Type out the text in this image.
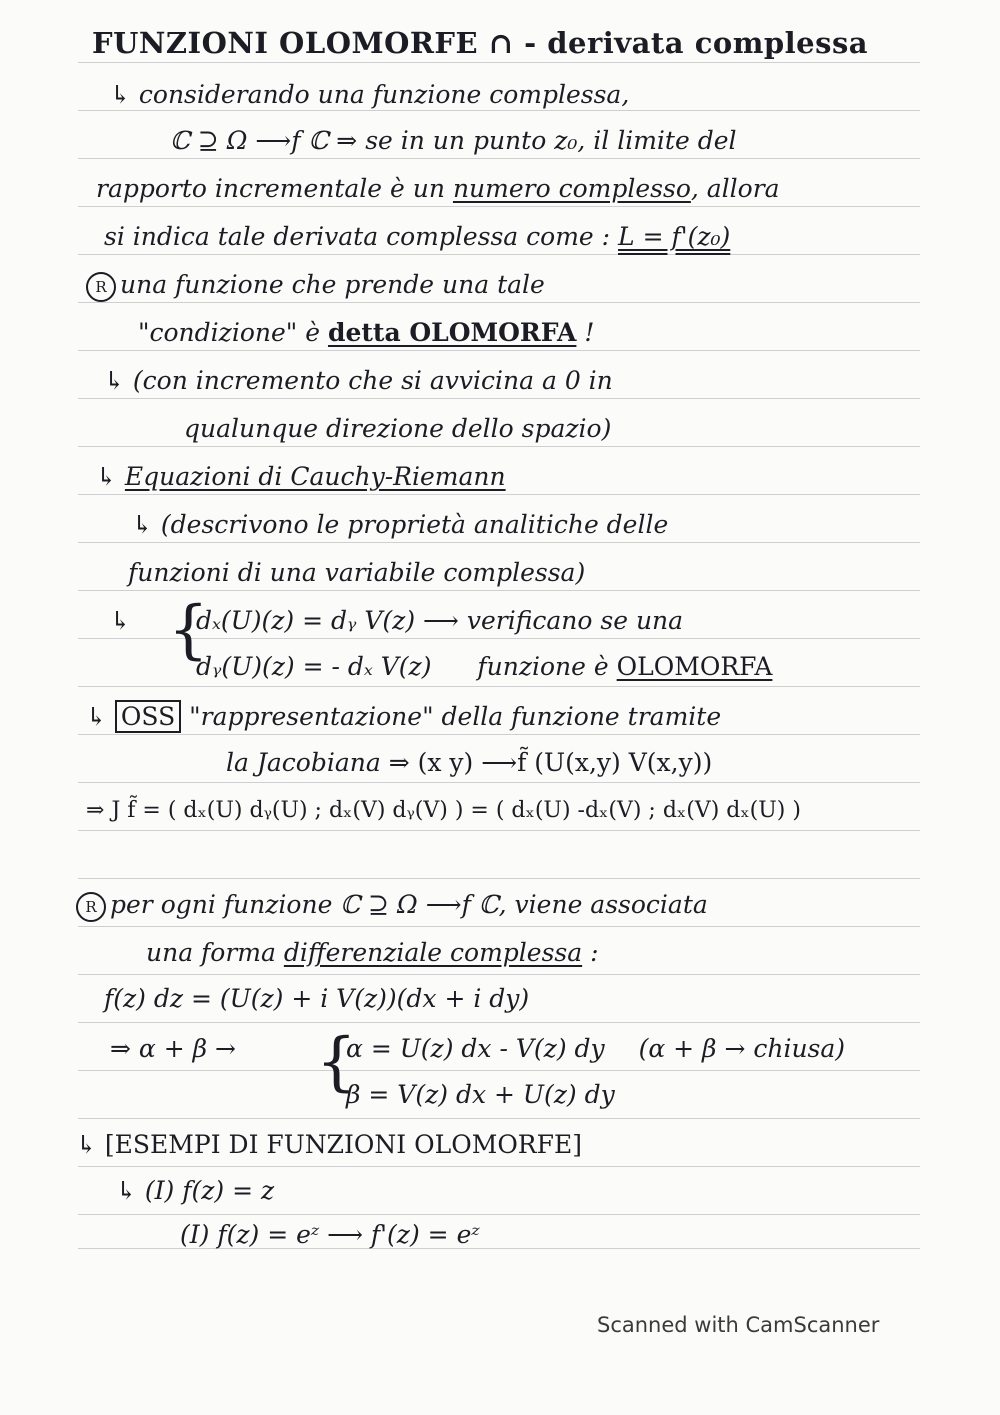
FUNZIONI OLOMORFE ∩ - derivata complessa
↳ considerando una funzione complessa,
ℂ ⊇ Ω ⟶f ℂ ⇒ se in un punto z₀, il limite del
rapporto incrementale è un numero complesso, allora
si indica tale derivata complessa come : L = f'(z₀)
R una funzione che prende una tale
"condizione" è detta OLOMORFA !
↳ (con incremento che si avvicina a 0 in
qualunque direzione dello spazio)
↳ Equazioni di Cauchy-Riemann
↳ (descrivono le proprietà analitiche delle
funzioni di una variabile complessa)
{
↳	dₓ(U)(z) = dᵧ V(z) ⟶ verificano se una
dᵧ(U)(z) = - dₓ V(z) funzione è OLOMORFA
↳ OSS "rappresentazione" della funzione tramite
la Jacobiana ⇒ (x y) ⟶f̃ (U(x,y) V(x,y))
⇒ J f̃ = ( dₓ(U) dᵧ(U) ; dₓ(V) dᵧ(V) ) = ( dₓ(U) -dₓ(V) ; dₓ(V) dₓ(U) )
R per ogni funzione ℂ ⊇ Ω ⟶f ℂ, viene associata
una forma differenziale complessa :
f(z) dz = (U(z) + i V(z))(dx + i dy)
{
⇒ α + β →	α = U(z) dx - V(z) dy (α + β → chiusa)
β = V(z) dx + U(z) dy
↳ [ESEMPI DI FUNZIONI OLOMORFE]
↳ (I) f(z) = z
(I) f(z) = eᶻ ⟶ f'(z) = eᶻ
Scanned with CamScanner
